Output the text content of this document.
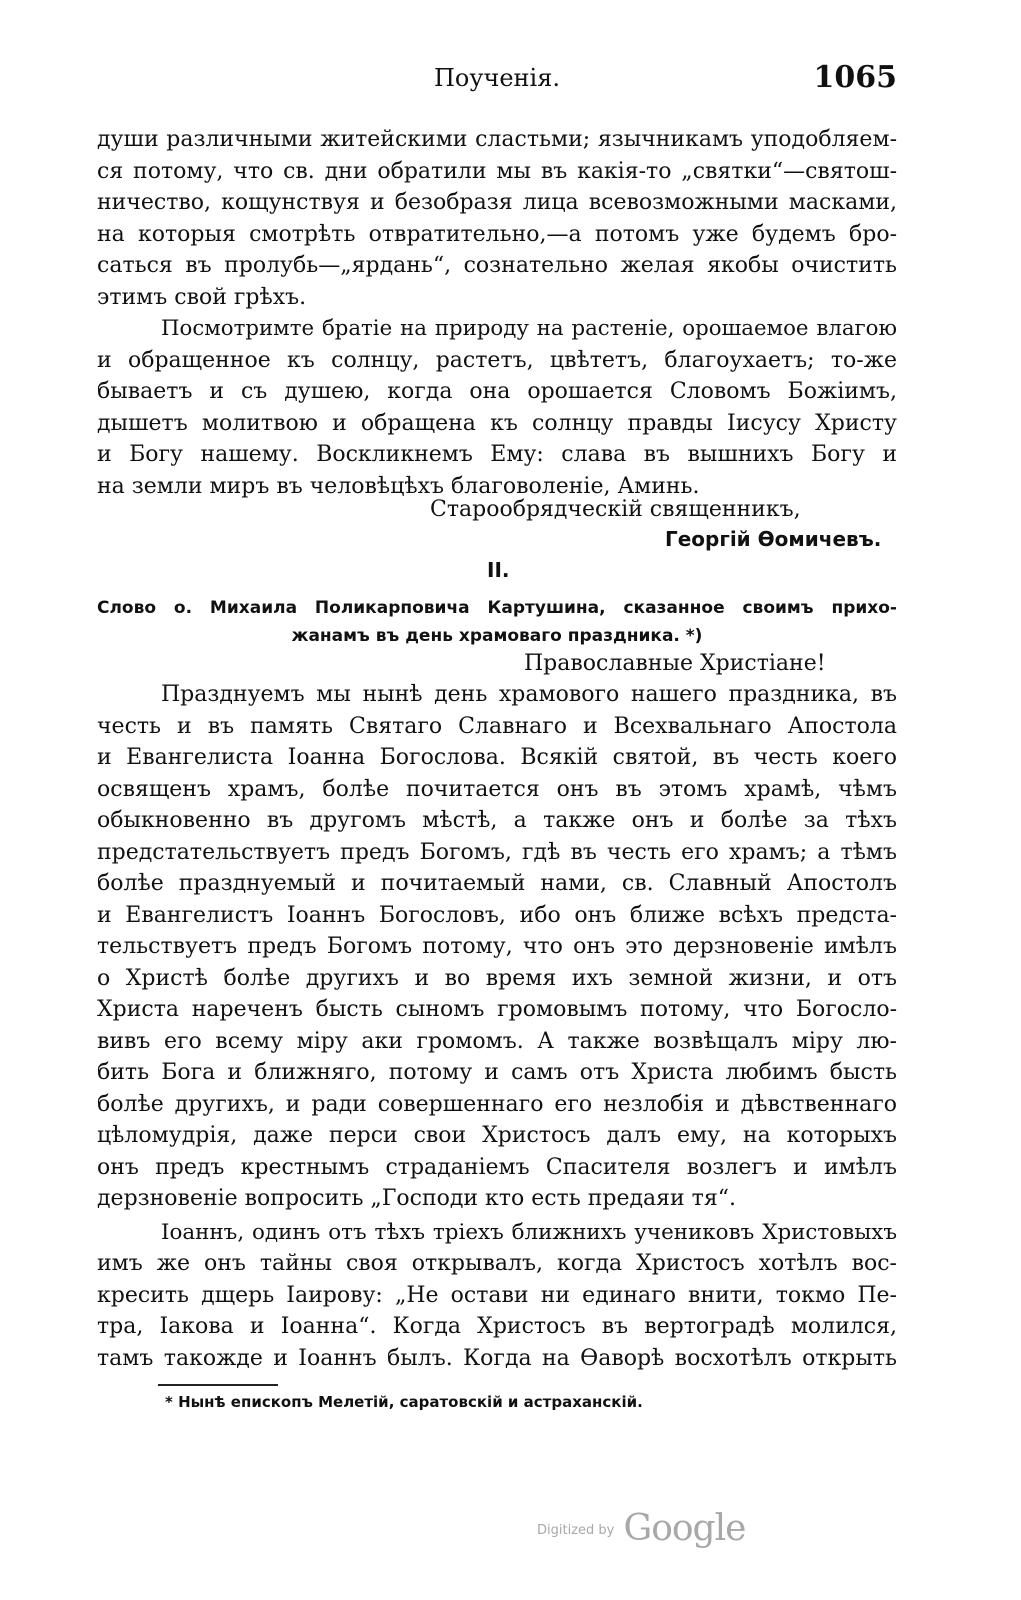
Поученія.	1065
души различными житейскими сластьми; язычникамъ уподобляем-
ся потому, что св. дни обратили мы въ какія-то „святки“—святош-
ничество, кощунствуя и безобразя лица всевозможными масками,
на которыя смотрѣть отвратительно,—а потомъ уже будемъ бро-
саться въ пролубь—„ярдань“, сознательно желая якобы очистить
этимъ свой грѣхъ.
Посмотримте братіе на природу на растеніе, орошаемое влагою
и обращенное къ солнцу, растетъ, цвѣтетъ, благоухаетъ; то-же
бываетъ и съ душею, когда она орошается Словомъ Божіимъ,
дышетъ молитвою и обращена къ солнцу правды Іисусу Христу
и Богу нашему. Воскликнемъ Ему: слава въ вышнихъ Богу и
на земли миръ въ человѣцѣхъ благоволеніе, Аминь.
Старообрядческій священникъ,
Георгій Ѳомичевъ.
II.
Слово о. Михаила Поликарповича Картушина, сказанное своимъ прихо-
жанамъ въ день храмоваго праздника. *)
Православные Христіане!
Празднуемъ мы нынѣ день храмового нашего праздника, въ
честь и въ память Святаго Славнаго и Всехвальнаго Апостола
и Евангелиста Іоанна Богослова. Всякій святой, въ честь коего
освященъ храмъ, болѣе почитается онъ въ этомъ храмѣ, чѣмъ
обыкновенно въ другомъ мѣстѣ, а также онъ и болѣе за тѣхъ
предстательствуетъ предъ Богомъ, гдѣ въ честь его храмъ; а тѣмъ
болѣе празднуемый и почитаемый нами, св. Славный Апостолъ
и Евангелистъ Іоаннъ Богословъ, ибо онъ ближе всѣхъ предста-
тельствуетъ предъ Богомъ потому, что онъ это дерзновеніе имѣлъ
о Христѣ болѣе другихъ и во время ихъ земной жизни, и отъ
Христа нареченъ бысть сыномъ громовымъ потому, что Богосло-
вивъ его всему міру аки громомъ. А также возвѣщалъ міру лю-
бить Бога и ближняго, потому и самъ отъ Христа любимъ бысть
болѣе другихъ, и ради совершеннаго его незлобія и дѣвственнаго
цѣломудрія, даже перси свои Христосъ далъ ему, на которыхъ
онъ предъ крестнымъ страданіемъ Спасителя возлегъ и имѣлъ
дерзновеніе вопросить „Господи кто есть предаяи тя“.
Іоаннъ, одинъ отъ тѣхъ тріехъ ближнихъ учениковъ Христовыхъ
имъ же онъ тайны своя открывалъ, когда Христосъ хотѣлъ вос-
кресить дщерь Іаирову: „Не остави ни единаго внити, токмо Пе-
тра, Іакова и Іоанна“. Когда Христосъ въ вертоградѣ молился,
тамъ такожде и Іоаннъ былъ. Когда на Ѳаворѣ восхотѣлъ открыть
* Нынѣ епископъ Мелетій, саратовскій и астраханскій.
$^{Digitized by}$ Google
